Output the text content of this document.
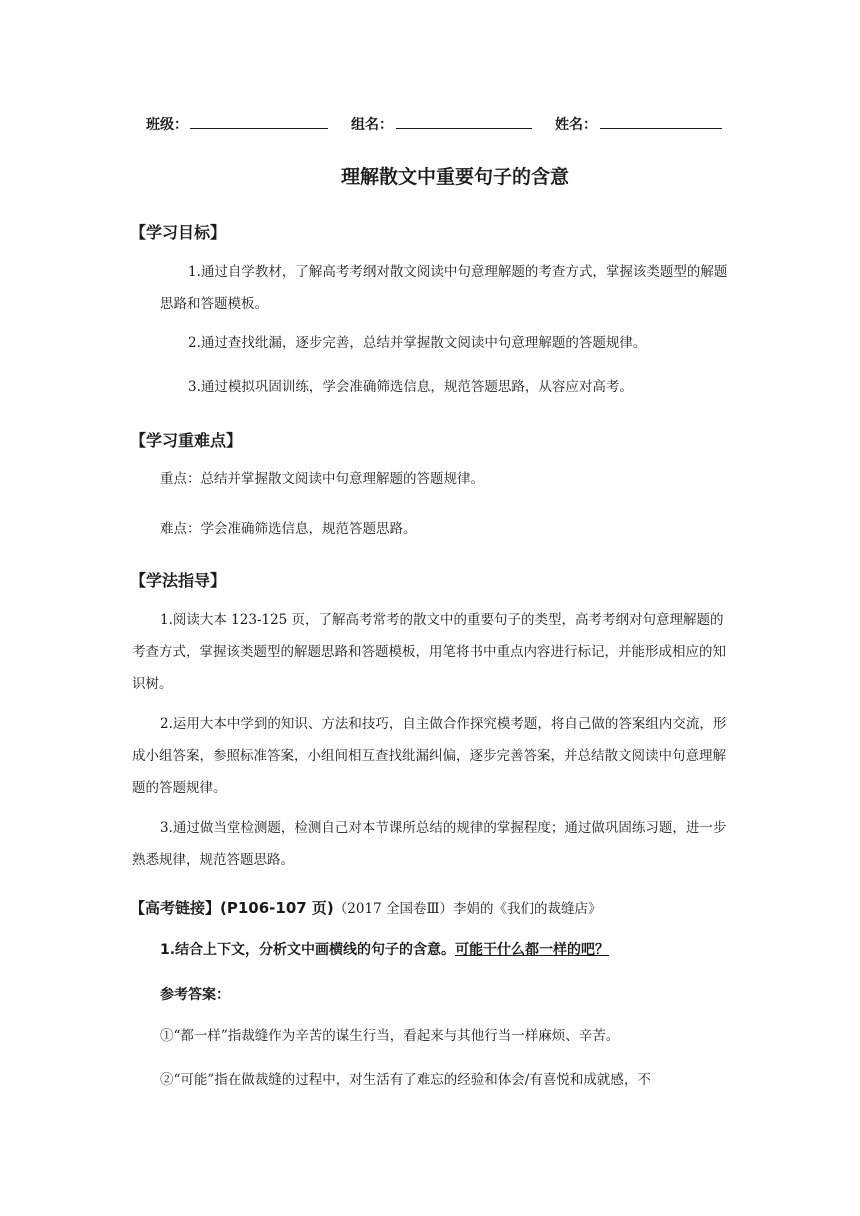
班级：	组名：	姓名：
理解散文中重要句子的含意
【学习目标】
1.通过自学教材，了解高考考纲对散文阅读中句意理解题的考查方式，掌握该类题型的解题思路和答题模板。
2.通过查找纰漏，逐步完善，总结并掌握散文阅读中句意理解题的答题规律。
3.通过模拟巩固训练，学会准确筛选信息，规范答题思路，从容应对高考。
【学习重难点】
重点：总结并掌握散文阅读中句意理解题的答题规律。
难点：学会准确筛选信息，规范答题思路。
【学法指导】
1.阅读大本 123-125 页，了解高考常考的散文中的重要句子的类型，高考考纲对句意理解题的考查方式，掌握该类题型的解题思路和答题模板，用笔将书中重点内容进行标记，并能形成相应的知识树。
2.运用大本中学到的知识、方法和技巧，自主做合作探究模考题，将自己做的答案组内交流，形成小组答案，参照标准答案，小组间相互查找纰漏纠偏，逐步完善答案，并总结散文阅读中句意理解题的答题规律。
3.通过做当堂检测题，检测自己对本节课所总结的规律的掌握程度；通过做巩固练习题，进一步熟悉规律，规范答题思路。
【高考链接】(P106-107 页)（2017 全国卷Ⅲ）李娟的《我们的裁缝店》
1.结合上下文，分析文中画横线的句子的含意。可能干什么都一样的吧？
参考答案：
①“都一样”指裁缝作为辛苦的谋生行当，看起来与其他行当一样麻烦、辛苦。
②“可能”指在做裁缝的过程中，对生活有了难忘的经验和体会/有喜悦和成就感，不
